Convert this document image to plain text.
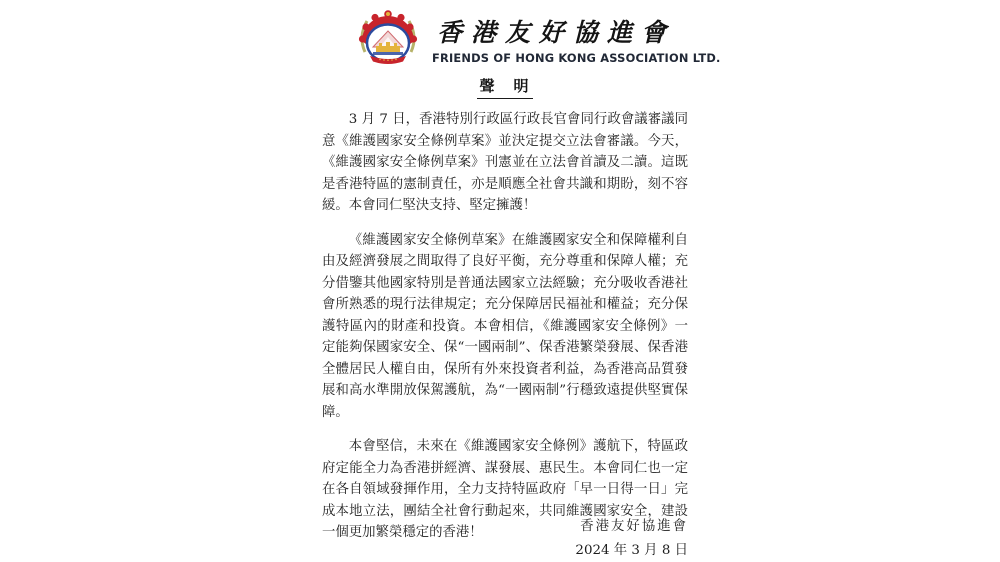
香港友好協進會
FRIENDS OF HONG KONG ASSOCIATION LTD.
聲　明

3 月 7 日，香港特別行政區行政長官會同行政會議審議同意《維護國家安全條例草案》並決定提交立法會審議。今天，《維護國家安全條例草案》刊憲並在立法會首讀及二讀。這既是香港特區的憲制責任，亦是順應全社會共識和期盼，刻不容緩。本會同仁堅決支持、堅定擁護！

《維護國家安全條例草案》在維護國家安全和保障權利自由及經濟發展之間取得了良好平衡，充分尊重和保障人權；充分借鑒其他國家特別是普通法國家立法經驗；充分吸收香港社會所熟悉的現行法律規定；充分保障居民福祉和權益；充分保護特區內的財產和投資。本會相信，《維護國家安全條例》一定能夠保國家安全、保“一國兩制”、保香港繁榮發展、保香港全體居民人權自由，保所有外來投資者利益，為香港高品質發展和高水準開放保駕護航，為“一國兩制”行穩致遠提供堅實保障。

本會堅信，未來在《維護國家安全條例》護航下，特區政府定能全力為香港拼經濟、謀發展、惠民生。本會同仁也一定在各自領域發揮作用，全力支持特區政府「早一日得一日」完成本地立法，團結全社會行動起來，共同維護國家安全，建設一個更加繁榮穩定的香港！	香港友好協進會
2024 年 3 月 8 日
